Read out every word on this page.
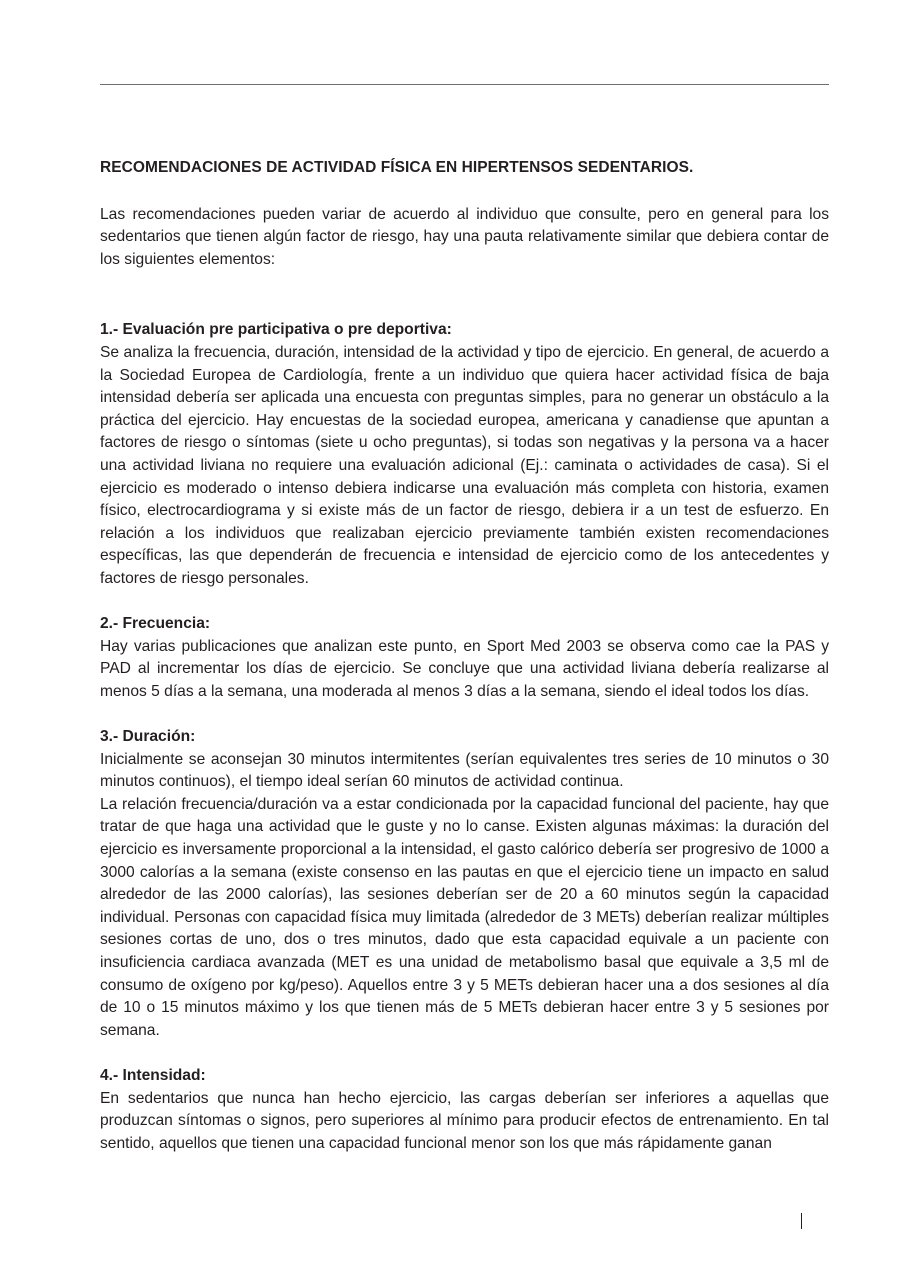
RECOMENDACIONES DE ACTIVIDAD FÍSICA EN HIPERTENSOS SEDENTARIOS.

Las recomendaciones pueden variar de acuerdo al individuo que consulte, pero en general para los sedentarios que tienen algún factor de riesgo, hay una pauta relativamente similar que debiera contar de los siguientes elementos:

1.- Evaluación pre participativa o pre deportiva:

Se analiza la frecuencia, duración, intensidad de la actividad y tipo de ejercicio. En general, de acuerdo a la Sociedad Europea de Cardiología, frente a un individuo que quiera hacer actividad física de baja intensidad debería ser aplicada una encuesta con preguntas simples, para no generar un obstáculo a la práctica del ejercicio. Hay encuestas de la sociedad europea, americana y canadiense que apuntan a factores de riesgo o síntomas (siete u ocho preguntas), si todas son negativas y la persona va a hacer una actividad liviana no requiere una evaluación adicional (Ej.: caminata o actividades de casa). Si el ejercicio es moderado o intenso debiera indicarse una evaluación más completa con historia, examen físico, electrocardiograma y si existe más de un factor de riesgo, debiera ir a un test de esfuerzo. En relación a los individuos que realizaban ejercicio previamente también existen recomendaciones específicas, las que dependerán de frecuencia e intensidad de ejercicio como de los antecedentes y factores de riesgo personales.

2.- Frecuencia:

Hay varias publicaciones que analizan este punto, en Sport Med 2003 se observa como cae la PAS y PAD al incrementar los días de ejercicio. Se concluye que una actividad liviana debería realizarse al menos 5 días a la semana, una moderada al menos 3 días a la semana, siendo el ideal todos los días.

3.- Duración:

Inicialmente se aconsejan 30 minutos intermitentes (serían equivalentes tres series de 10 minutos o 30 minutos continuos), el tiempo ideal serían 60 minutos de actividad continua.

La relación frecuencia/duración va a estar condicionada por la capacidad funcional del paciente, hay que tratar de que haga una actividad que le guste y no lo canse. Existen algunas máximas: la duración del ejercicio es inversamente proporcional a la intensidad, el gasto calórico debería ser progresivo de 1000 a 3000 calorías a la semana (existe consenso en las pautas en que el ejercicio tiene un impacto en salud alrededor de las 2000 calorías), las sesiones deberían ser de 20 a 60 minutos según la capacidad individual. Personas con capacidad física muy limitada (alrededor de 3 METs) deberían realizar múltiples sesiones cortas de uno, dos o tres minutos, dado que esta capacidad equivale a un paciente con insuficiencia cardiaca avanzada (MET es una unidad de metabolismo basal que equivale a 3,5 ml de consumo de oxígeno por kg/peso). Aquellos entre 3 y 5 METs debieran hacer una a dos sesiones al día de 10 o 15 minutos máximo y los que tienen más de 5 METs debieran hacer entre 3 y 5 sesiones por semana.

4.- Intensidad:

En sedentarios que nunca han hecho ejercicio, las cargas deberían ser inferiores a aquellas que produzcan síntomas o signos, pero superiores al mínimo para producir efectos de entrenamiento. En tal sentido, aquellos que tienen una capacidad funcional menor son los que más rápidamente ganan
